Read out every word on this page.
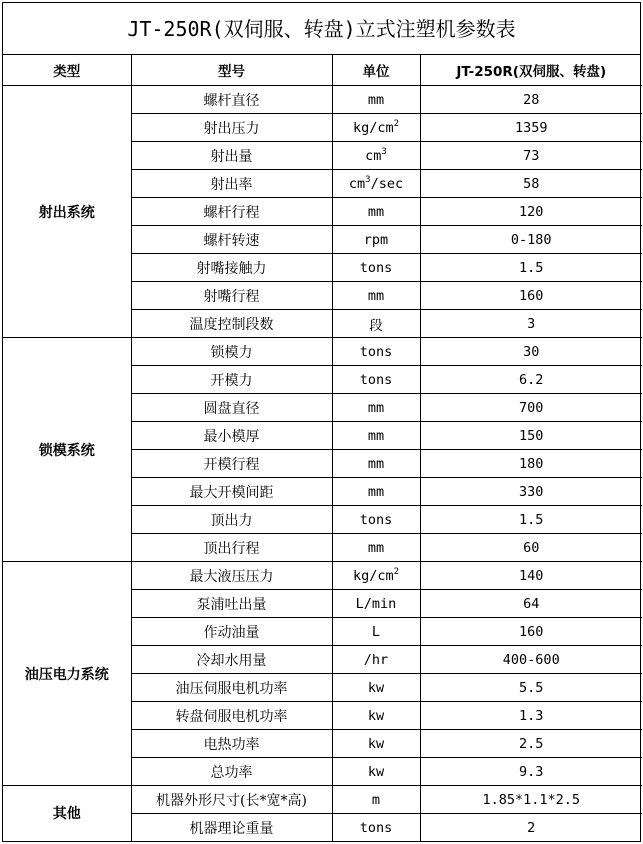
JT-250R(双伺服、转盘)立式注塑机参数表
类型	型号	单位	JT-250R(双伺服、转盘)
射出系统	螺杆直径	mm	28
	射出压力	$kg/cm^2$	1359
	射出量	$cm^3$	73
	射出率	$cm^3/\sec$	58
	螺杆行程	mm	120
	螺杆转速	rpm	0-180
	射嘴接触力	tons	1.5
	射嘴行程	mm	160
	温度控制段数	段	3
锁模系统	锁模力	tons	30
	开模力	tons	6.2
	圆盘直径	mm	700
	最小模厚	mm	150
	开模行程	mm	180
	最大开模间距	mm	330
	顶出力	tons	1.5
	顶出行程	mm	60
油压电力系统	最大液压压力	$kg/cm^2$	140
	泵浦吐出量	L/min	64
	作动油量	L	160
	冷却水用量	/hr	400-600
	油压伺服电机功率	kw	5.5
	转盘伺服电机功率	kw	1.3
	电热功率	kw	2.5
	总功率	kw	9.3
其他	机器外形尺寸(长*宽*高)	m	1.85*1.1*2.5
	机器理论重量	tons	2
